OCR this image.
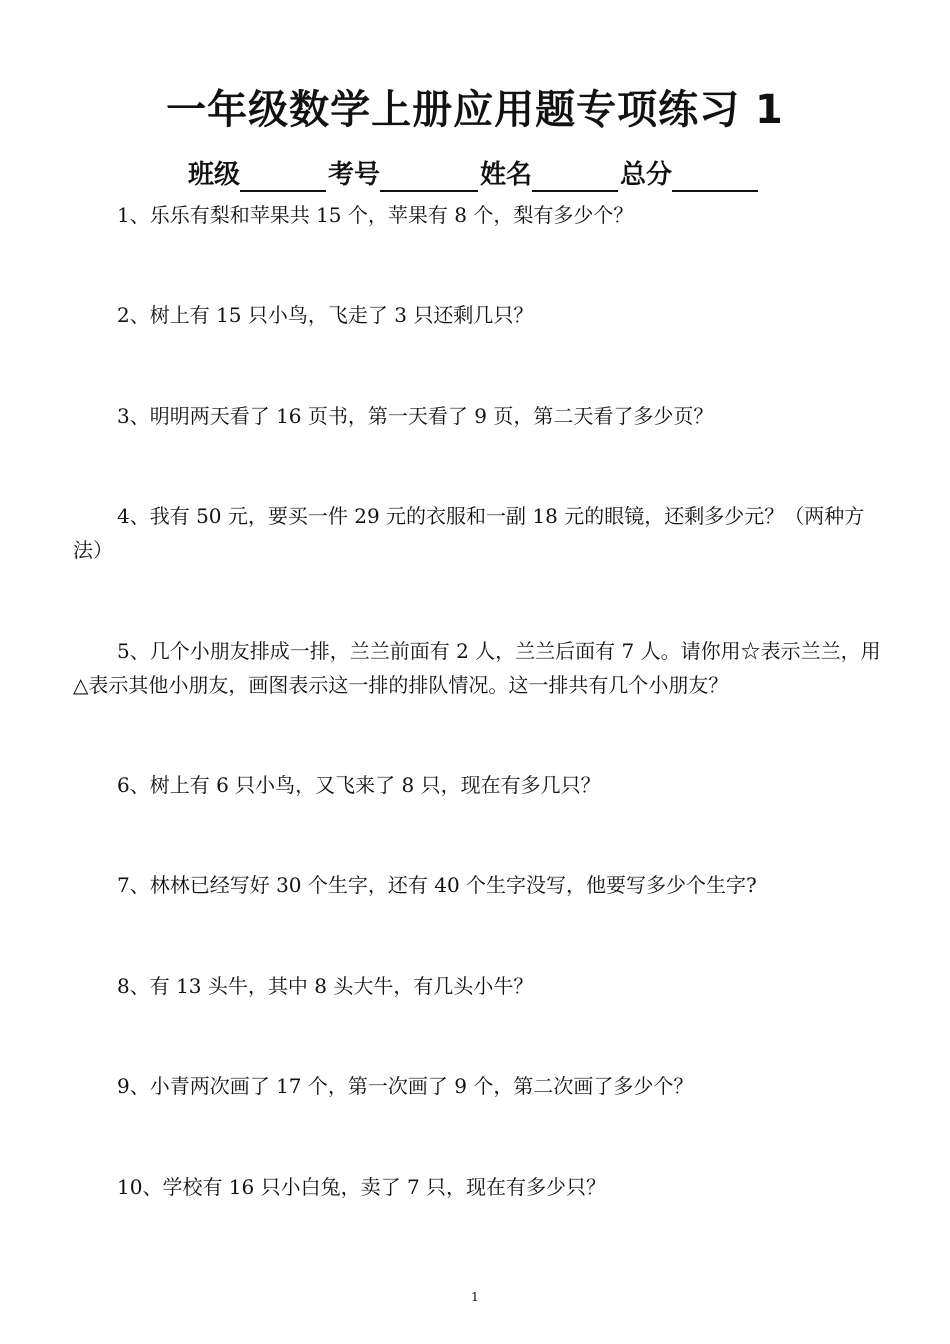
一年级数学上册应用题专项练习 1
班级	考号	姓名	总分

1、乐乐有梨和苹果共 15 个，苹果有 8 个，梨有多少个？

2、树上有 15 只小鸟，飞走了 3 只还剩几只？

3、明明两天看了 16 页书，第一天看了 9 页，第二天看了多少页？

4、我有 50 元，要买一件 29 元的衣服和一副 18 元的眼镜，还剩多少元？（两种方法）

5、几个小朋友排成一排，兰兰前面有 2 人，兰兰后面有 7 人。请你用☆表示兰兰，用△表示其他小朋友，画图表示这一排的排队情况。这一排共有几个小朋友？

6、树上有 6 只小鸟，又飞来了 8 只，现在有多几只？

7、林林已经写好 30 个生字，还有 40 个生字没写，他要写多少个生字?

8、有 13 头牛，其中 8 头大牛，有几头小牛？

9、小青两次画了 17 个，第一次画了 9 个，第二次画了多少个？

10、学校有 16 只小白兔，卖了 7 只，现在有多少只？

1
